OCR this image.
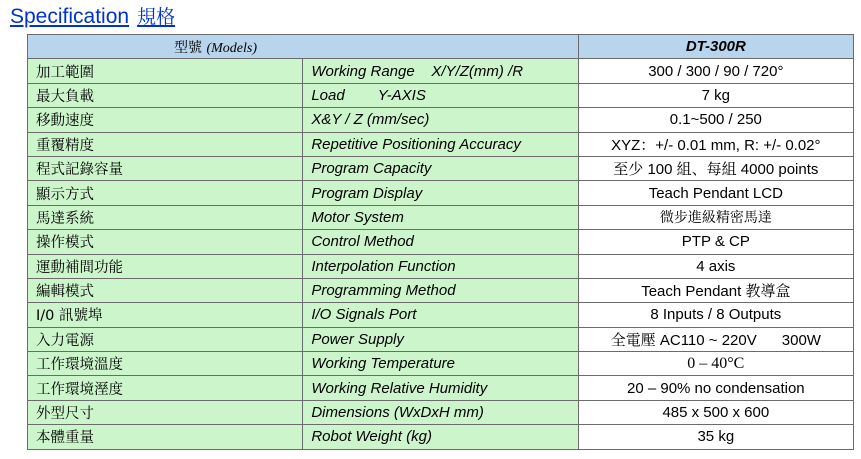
Specification 規格
型號 (Models)		DT-300R
加工範圍	Working Range    X/Y/Z(mm) /R	300 / 300 / 90 / 720°
最大負載	Load        Y-AXIS	7 kg
移動速度	X&Y / Z (mm/sec)	0.1~500 / 250
重覆精度	Repetitive Positioning Accuracy	XYZ：+/- 0.01 mm, R: +/- 0.02°
程式記錄容量	Program Capacity	至少 100 組、每組 4000 points
顯示方式	Program Display	Teach Pendant LCD
馬達系統	Motor System	微步進級精密馬達
操作模式	Control Method	PTP & CP
運動補間功能	Interpolation Function	4 axis
編輯模式	Programming Method	Teach Pendant 教導盒
I/0 訊號埠	I/O Signals Port	8 Inputs / 8 Outputs
入力電源	Power Supply	全電壓 AC110 ~ 220V      300W
工作環境溫度	Working Temperature	0 – 40°C
工作環境溼度	Working Relative Humidity	20 – 90% no condensation
外型尺寸	Dimensions (WxDxH mm)	485 x 500 x 600
本體重量	Robot Weight (kg)	35 kg
